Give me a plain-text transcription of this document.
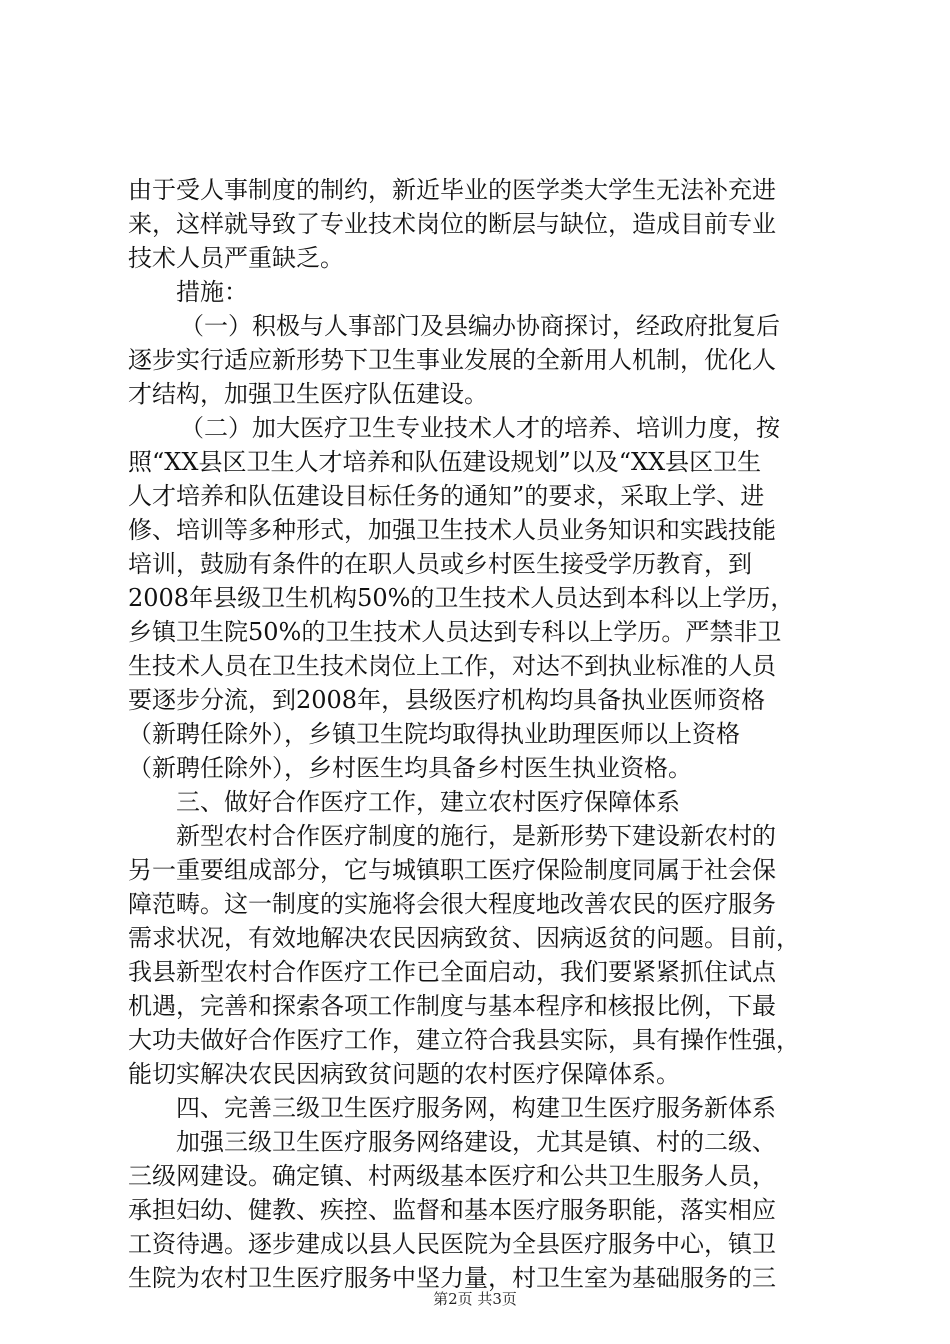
由于受人事制度的制约，新近毕业的医学类大学生无法补充进
来，这样就导致了专业技术岗位的断层与缺位，造成目前专业
技术人员严重缺乏。
措施：
（一）积极与人事部门及县编办协商探讨，经政府批复后
逐步实行适应新形势下卫生事业发展的全新用人机制，优化人
才结构，加强卫生医疗队伍建设。
（二）加大医疗卫生专业技术人才的培养、培训力度，按
照“XX县区卫生人才培养和队伍建设规划”以及“XX县区卫生
人才培养和队伍建设目标任务的通知”的要求，采取上学、进
修、培训等多种形式，加强卫生技术人员业务知识和实践技能
培训，鼓励有条件的在职人员或乡村医生接受学历教育，到
2008年县级卫生机构50%的卫生技术人员达到本科以上学历，
乡镇卫生院50%的卫生技术人员达到专科以上学历。严禁非卫
生技术人员在卫生技术岗位上工作，对达不到执业标准的人员
要逐步分流，到2008年，县级医疗机构均具备执业医师资格
（新聘任除外），乡镇卫生院均取得执业助理医师以上资格
（新聘任除外），乡村医生均具备乡村医生执业资格。
三、做好合作医疗工作，建立农村医疗保障体系
新型农村合作医疗制度的施行，是新形势下建设新农村的
另一重要组成部分，它与城镇职工医疗保险制度同属于社会保
障范畴。这一制度的实施将会很大程度地改善农民的医疗服务
需求状况，有效地解决农民因病致贫、因病返贫的问题。目前，
我县新型农村合作医疗工作已全面启动，我们要紧紧抓住试点
机遇，完善和探索各项工作制度与基本程序和核报比例，下最
大功夫做好合作医疗工作，建立符合我县实际，具有操作性强，
能切实解决农民因病致贫问题的农村医疗保障体系。
四、完善三级卫生医疗服务网，构建卫生医疗服务新体系
加强三级卫生医疗服务网络建设，尤其是镇、村的二级、
三级网建设。确定镇、村两级基本医疗和公共卫生服务人员，
承担妇幼、健教、疾控、监督和基本医疗服务职能，落实相应
工资待遇。逐步建成以县人民医院为全县医疗服务中心，镇卫
生院为农村卫生医疗服务中坚力量，村卫生室为基础服务的三
第2页 共3页
